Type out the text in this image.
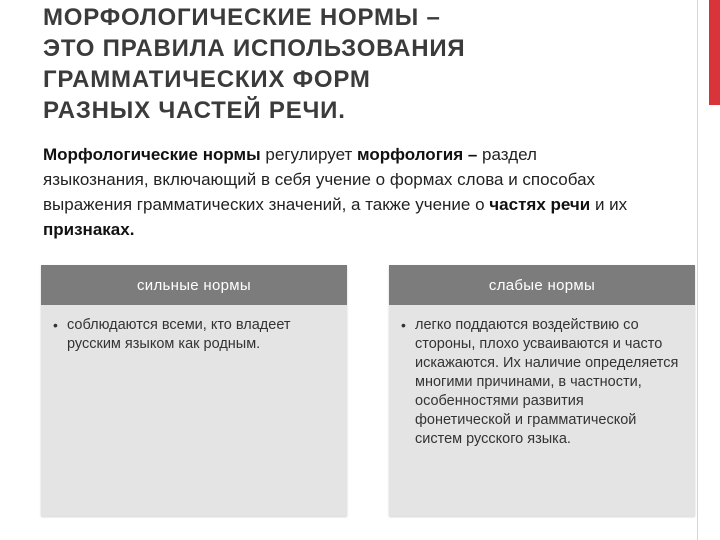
МОРФОЛОГИЧЕСКИЕ НОРМЫ –
ЭТО ПРАВИЛА ИСПОЛЬЗОВАНИЯ
ГРАММАТИЧЕСКИХ ФОРМ
РАЗНЫХ ЧАСТЕЙ РЕЧИ.

Морфологические нормы регулирует морфология – раздел языкознания, включающий в себя учение о формах слова и способах выражения грамматических значений, а также учение о частях речи и их признаках.

сильные нормы
• соблюдаются всеми, кто владеет русским языком как родным.
слабые нормы
• легко поддаются воздействию со стороны, плохо усваиваются и часто искажаются. Их наличие определяется многими причинами, в частности, особенностями развития фонетической и грамматической систем русского языка.
